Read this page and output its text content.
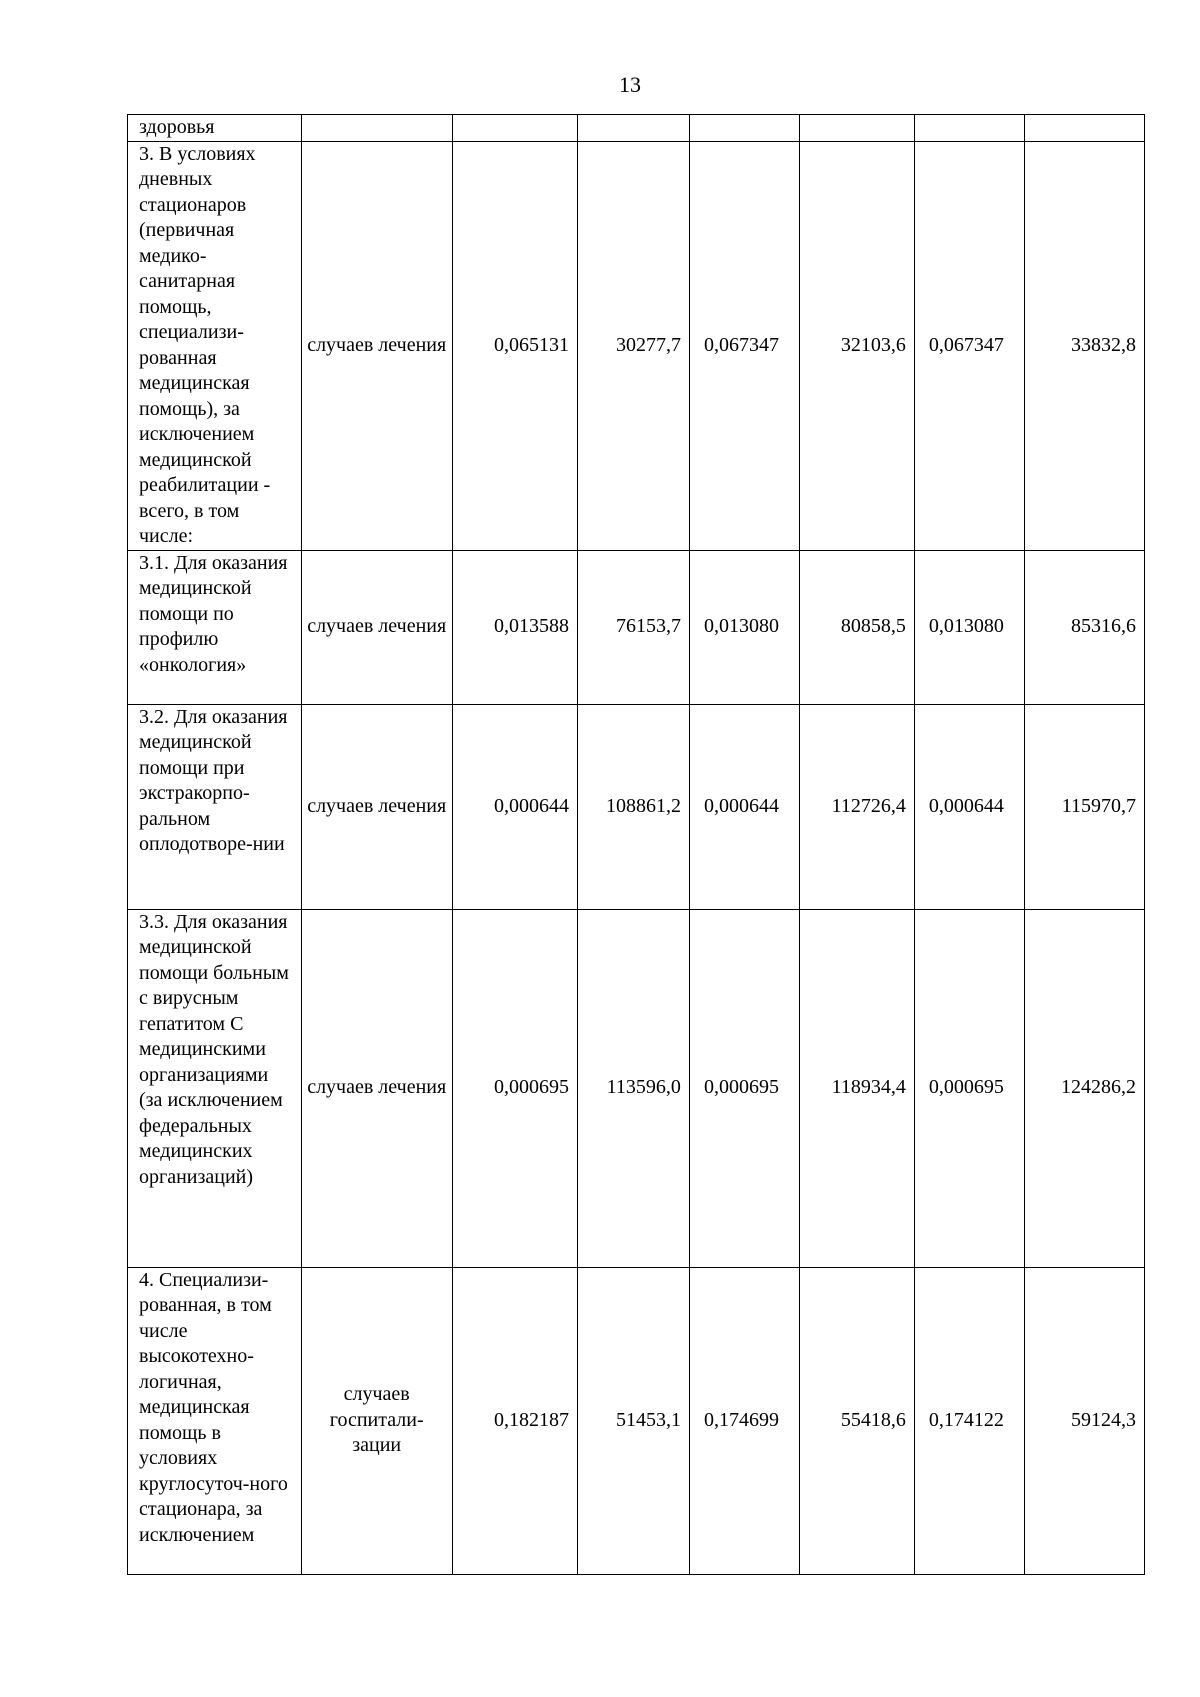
13
здоровья							
3. В условиях дневных стационаров (первичная медико-санитарная помощь, специализи-рованная медицинская помощь), за исключением медицинской реабилитации - всего, в том числе:	случаев лечения	0,065131	30277,7	0,067347	32103,6	0,067347	33832,8
3.1. Для оказания медицинской помощи по профилю «онкология»	случаев лечения	0,013588	76153,7	0,013080	80858,5	0,013080	85316,6
3.2. Для оказания медицинской помощи при экстракорпо-ральном оплодотворе-нии	случаев лечения	0,000644	108861,2	0,000644	112726,4	0,000644	115970,7
3.3. Для оказания медицинской помощи больным с вирусным гепатитом С медицинскими организациями (за исключением федеральных медицинских организаций)	случаев лечения	0,000695	113596,0	0,000695	118934,4	0,000695	124286,2
4. Специализи-рованная, в том числе высокотехно-логичная, медицинская помощь в условиях круглосуточ-ного стационара, за исключением	случаев госпитали-зации	0,182187	51453,1	0,174699	55418,6	0,174122	59124,3
